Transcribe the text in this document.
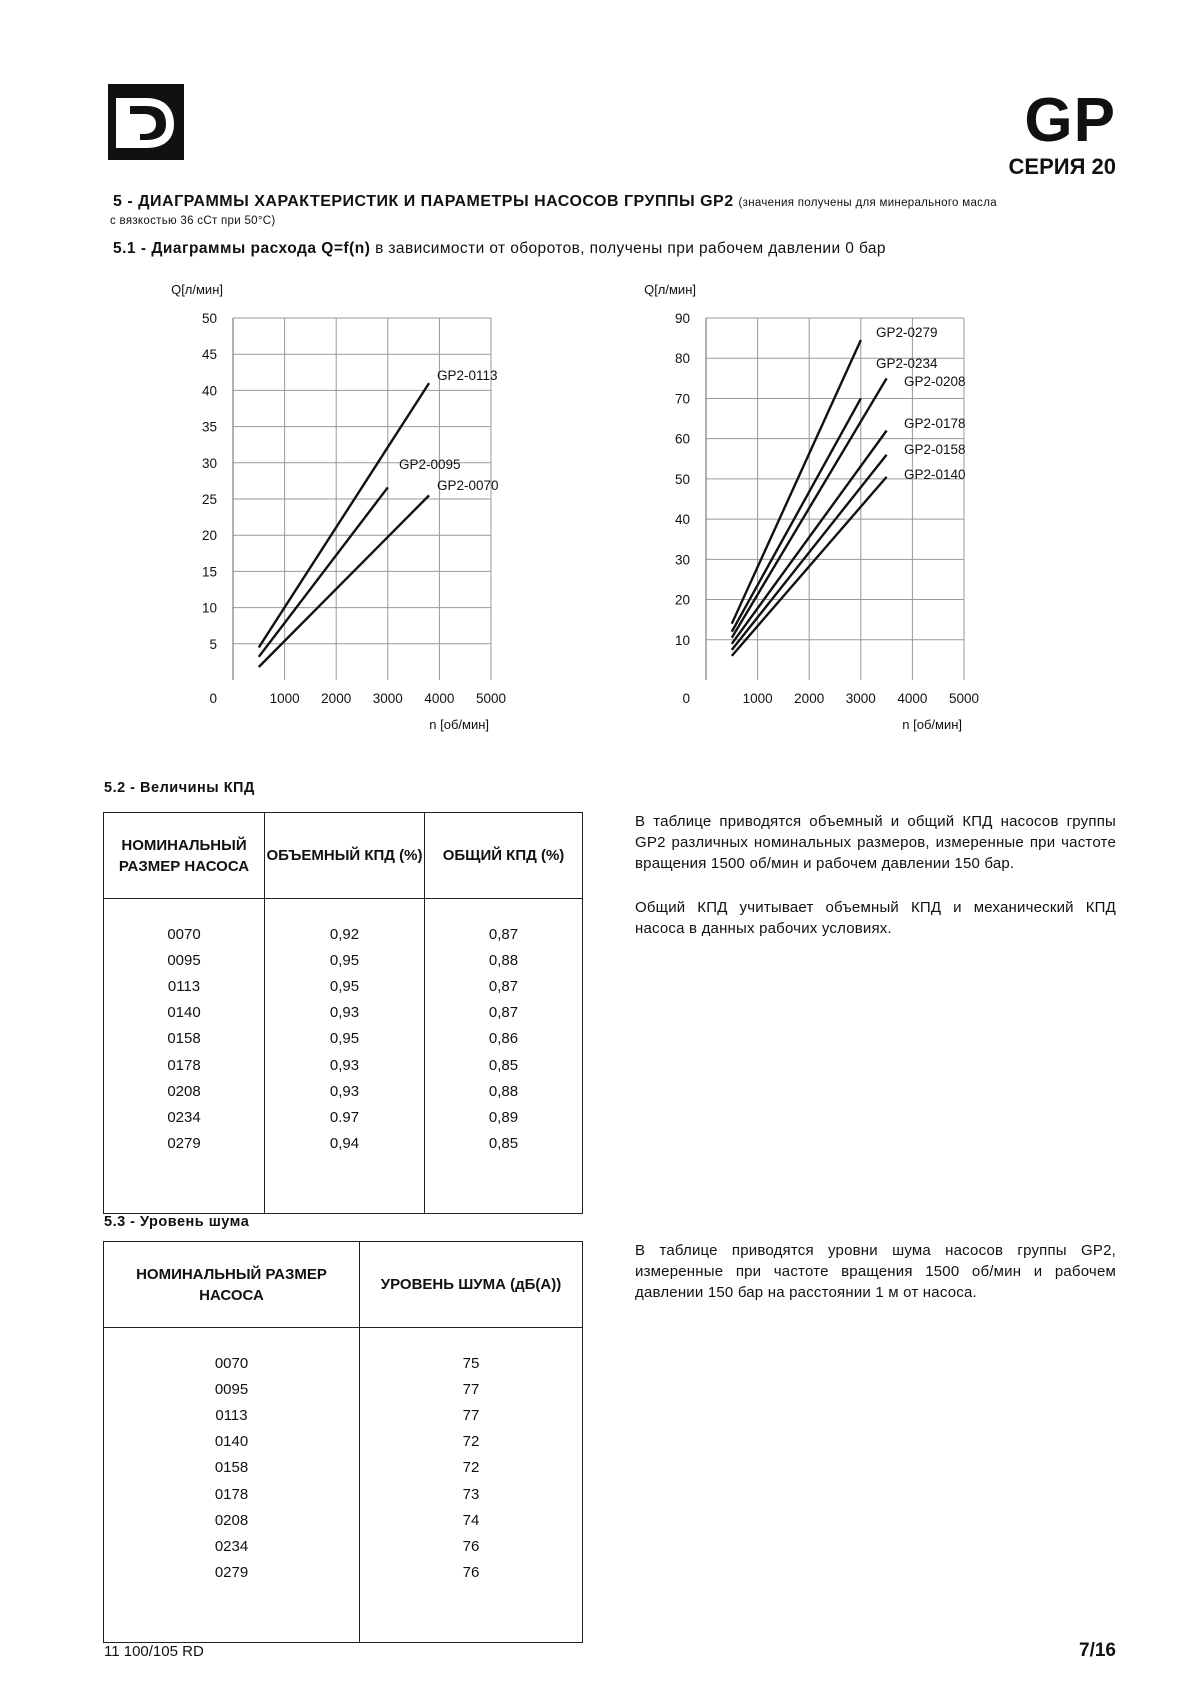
GP
СЕРИЯ 20
5 - ДИАГРАММЫ ХАРАКТЕРИСТИК И ПАРАМЕТРЫ НАСОСОВ ГРУППЫ GP2 (значения получены для минерального масла
с вязкостью 36 cСт при 50°C)
5.1 - Диаграммы расхода Q=f(n) в зависимости от оборотов, получены при рабочем давлении 0 бар
5
10
15
20
25
30
35
40
45
50
1000 2000 3000 4000 5000
0
Q[л/мин]
n [об/мин]
GP2-0113
GP2-0095
GP2-0070
10
20
30
40
50
60
70
80
90
1000 2000 3000 4000 5000
0
Q[л/мин]
n [об/мин]
GP2-0279
GP2-0234
GP2-0208
GP2-0178
GP2-0158
GP2-0140
5.2 - Величины КПД
НОМИНАЛЬНЫЙ РАЗМЕР НАСОСА	ОБЪЕМНЫЙ КПД (%)	ОБЩИЙ КПД (%)
0070	0,92	0,87
0095	0,95	0,88
0113	0,95	0,87
0140	0,93	0,87
0158	0,95	0,86
0178	0,93	0,85
0208	0,93	0,88
0234	0.97	0,89
0279	0,94	0,85

В таблице приводятся объемный и общий КПД насосов группы GP2 различных номинальных размеров, измеренные при частоте вращения 1500 об/мин и рабочем давлении 150 бар.
Общий КПД учитывает объемный КПД и механический КПД насоса в данных рабочих условиях.
5.3 - Уровень шума
НОМИНАЛЬНЫЙ РАЗМЕР НАСОСА	УРОВЕНЬ ШУМА (дБ(А))
0070	75
0095	77
0113	77
0140	72
0158	72
0178	73
0208	74
0234	76
0279	76

В таблице приводятся уровни шума насосов группы GP2, измеренные при частоте вращения 1500 об/мин и рабочем давлении 150 бар на расстоянии 1 м от насоса.
11 100/105 RD	7/16
